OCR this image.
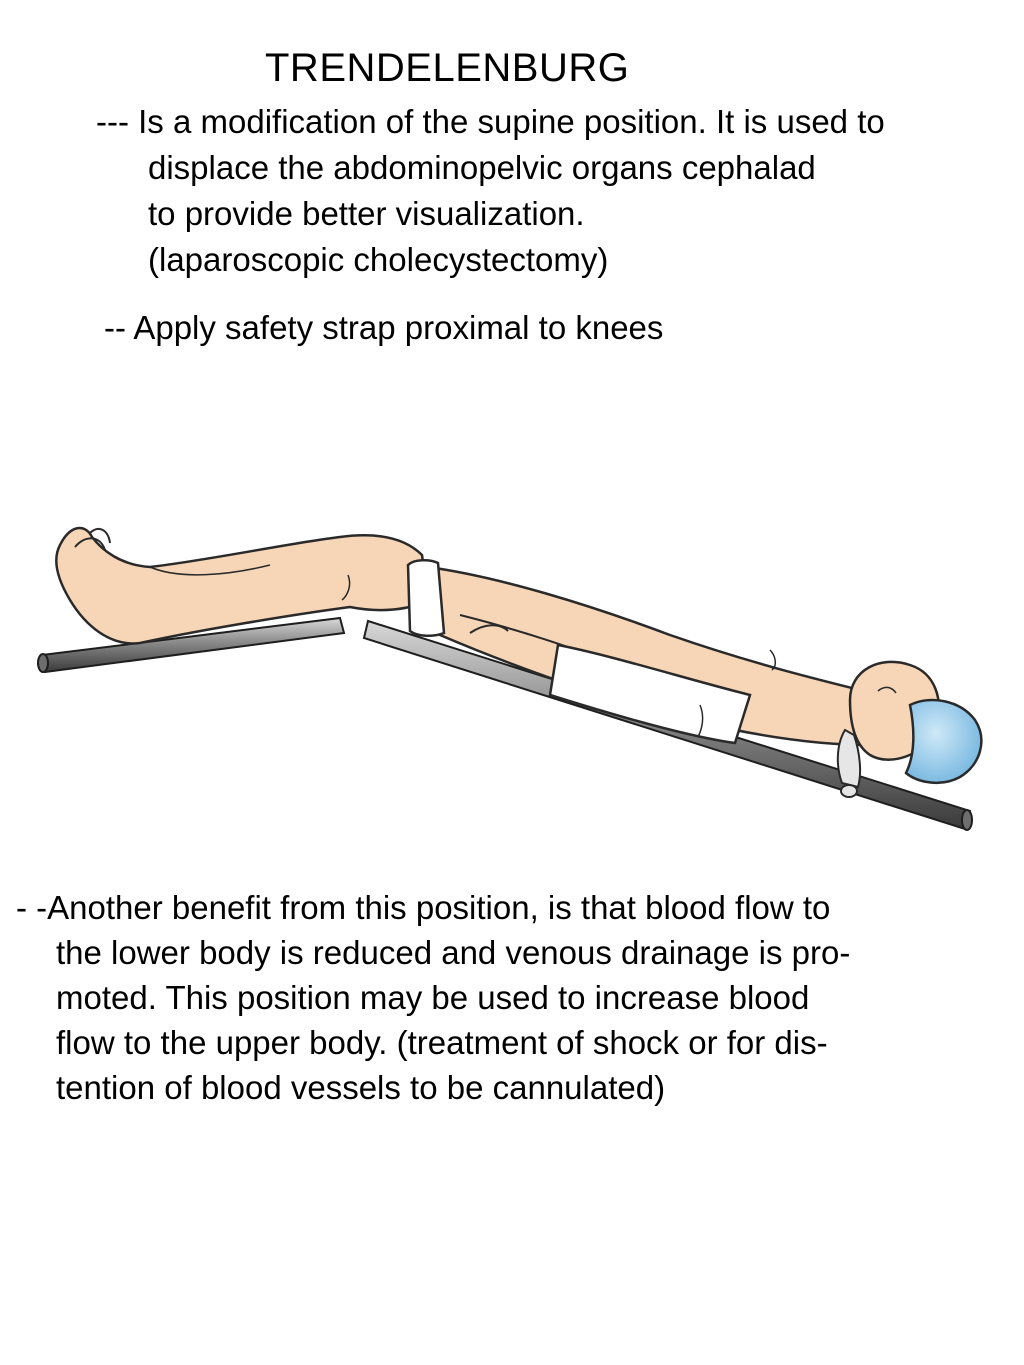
TRENDELENBURG
--- Is a modification of the supine position. It is used to
displace the abdominopelvic organs cephalad
to provide better visualization.
(laparoscopic cholecystectomy)
-- Apply safety strap proximal to knees
- -Another benefit from this position, is that blood flow to
the lower body is reduced and venous drainage is pro-
moted. This position may be used to increase blood
flow to the upper body. (treatment of shock or for dis-
tention of blood vessels to be cannulated)
